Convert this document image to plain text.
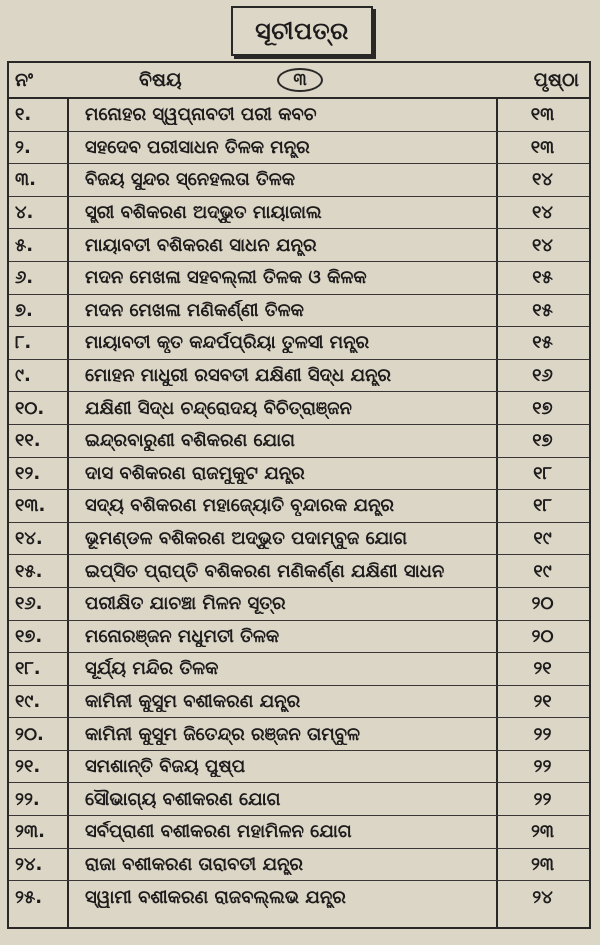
ସୂଚୀପତ୍ର
ନଂ	ବିଷୟ	୩	ପୃଷ୍ଠା
୧.	ମନୋହର ସ୍ୱପ୍ନାବତୀ ପରୀ କବଚ	୧୩
୨.	ସହଦେବ ପରୀସାଧନ ତିଳକ ମନ୍ତ୍ର	୧୩
୩.	ବିଜୟ ସୁନ୍ଦର ସ୍ନେହଲତା ତିଳକ	୧୪
୪.	ସ୍ତ୍ରୀ ବଶିକରଣ ଅଦ୍ଭୁତ ମାୟାଜାଲ	୧୪
୫.	ମାୟାବତୀ ବଶିକରଣ ସାଧନ ଯନ୍ତ୍ର	୧୪
୬.	ମଦନ ମେଖଳା ସହବଲ୍ଲୀ ତିଳକ ଓ କିଳକ	୧୫
୭.	ମଦନ ମେଖଳା ମଣିକର୍ଣ୍ଣୀ ତିଳକ	୧୫
୮.	ମାୟାବତୀ କୃତ କନ୍ଦର୍ପପ୍ରିୟା ତୁଳସୀ ମନ୍ତ୍ର	୧୫
୯.	ମୋହନ ମାଧୁରୀ ରସବତୀ ଯକ୍ଷିଣୀ ସିଦ୍ଧ ଯନ୍ତ୍ର	୧୬
୧୦.	ଯକ୍ଷିଣୀ ସିଦ୍ଧ ଚନ୍ଦ୍ରୋଦୟ ବିଚିତ୍ରାଞ୍ଜନ	୧୭
୧୧.	ଇନ୍ଦ୍ରବାରୁଣୀ ବଶିକରଣ ଯୋଗ	୧୭
୧୨.	ଦାସ ବଶିକରଣ ରାଜମୁକୁଟ ଯନ୍ତ୍ର	୧୮
୧୩.	ସଦ୍ୟ ବଶିକରଣ ମହାଜ୍ୟୋତି ବୃନ୍ଦାରକ ଯନ୍ତ୍ର	୧୮
୧୪.	ଭୂମଣ୍ଡଳ ବଶିକରଣ ଅଦ୍ଭୁତ ପଦାମ୍ବୁଜ ଯୋଗ	୧୯
୧୫.	ଇପ୍ସିତ ପ୍ରାପ୍ତି ବଶିକରଣ ମଣିକର୍ଣ୍ଣ ଯକ୍ଷିଣୀ ସାଧନ	୧୯
୧୬.	ପରୀକ୍ଷିତ ଯାଚଞ୍ଚା ମିଳନ ସୂତ୍ର	୨୦
୧୭.	ମନୋରଞ୍ଜନ ମଧୁମତୀ ତିଳକ	୨୦
୧୮.	ସୂର୍ଯ୍ୟ ମନ୍ଦିର ତିଳକ	୨୧
୧୯.	କାମିନୀ କୁସୁମ ବଶୀକରଣ ଯନ୍ତ୍ର	୨୧
୨୦.	କାମିନୀ କୁସୁମ ଜିତେନ୍ଦ୍ର ରଞ୍ଜନ ତାମ୍ବୁଳ	୨୨
୨୧.	ସମଶାନ୍ତି ବିଜୟ ପୁଷ୍ପ	୨୨
୨୨.	ସୌଭାଗ୍ୟ ବଶୀକରଣ ଯୋଗ	୨୨
୨୩.	ସର୍ବପ୍ରାଣୀ ବଶୀକରଣ ମହାମିଳନ ଯୋଗ	୨୩
୨୪.	ରାଜା ବଶୀକରଣ ତାରାବତୀ ଯନ୍ତ୍ର	୨୩
୨୫.	ସ୍ୱାମୀ ବଶୀକରଣ ରାଜବଲ୍ଲଭ ଯନ୍ତ୍ର	୨୪
